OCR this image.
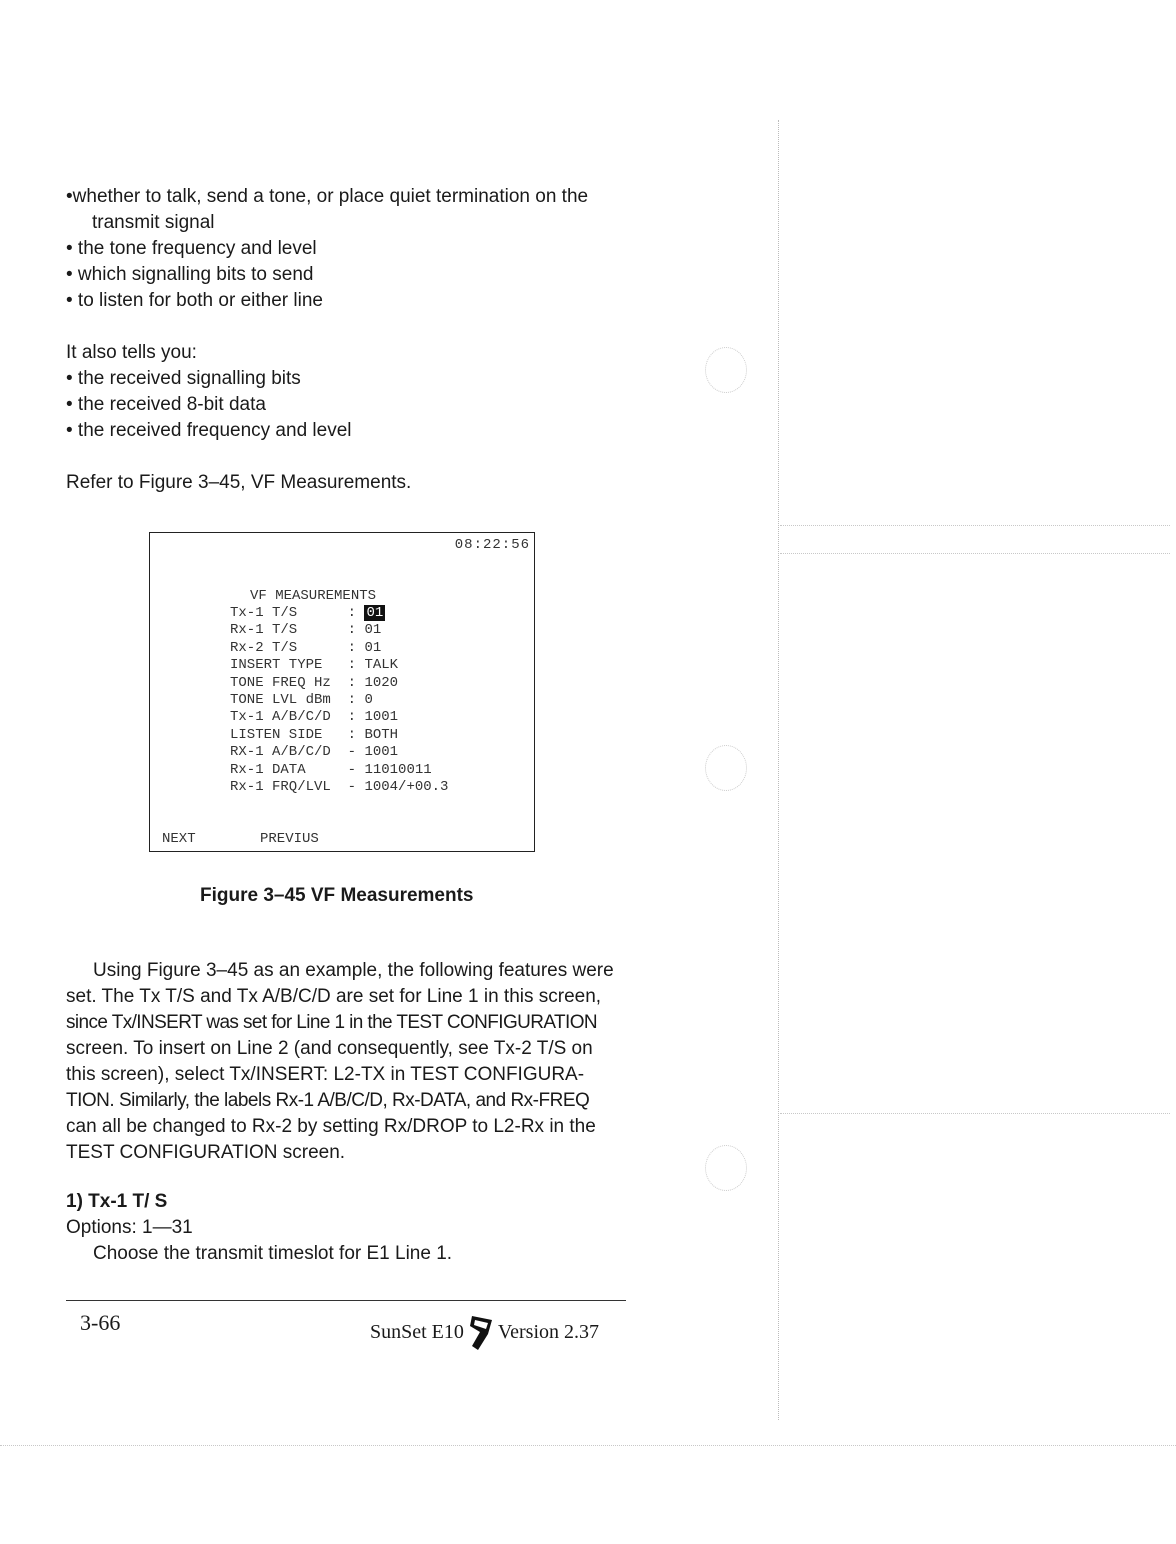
•whether to talk, send a tone, or place quiet termination on the
transmit signal
• the tone frequency and level
• which signalling bits to send
• to listen for both or either line
It also tells you:
• the received signalling bits
• the received 8-bit data
• the received frequency and level
Refer to Figure 3–45, VF Measurements.
08:22:56
VF MEASUREMENTS
Tx-1 T/S      : 01
Rx-1 T/S      : 01
Rx-2 T/S      : 01
INSERT TYPE   : TALK
TONE FREQ Hz  : 1020
TONE LVL dBm  : 0
Tx-1 A/B/C/D  : 1001
LISTEN SIDE   : BOTH
RX-1 A/B/C/D  - 1001
Rx-1 DATA     - 11010011
Rx-1 FRQ/LVL  - 1004/+00.3
NEXT	PREVIUS
Figure 3–45 VF Measurements
Using Figure 3–45 as an example, the following features were
set. The Tx T/S and Tx A/B/C/D are set for Line 1 in this screen,
since Tx/INSERT was set for Line 1 in the TEST CONFIGURATION
screen. To insert on Line 2 (and consequently, see Tx-2 T/S on
this screen), select Tx/INSERT: L2-TX in TEST CONFIGURA-
TION. Similarly, the labels Rx-1 A/B/C/D, Rx-DATA, and Rx-FREQ
can all be changed to Rx-2 by setting Rx/DROP to L2-Rx in the
TEST CONFIGURATION screen.
1) Tx-1 T/ S
Options: 1—31
Choose the transmit timeslot for E1 Line 1.
3-66	SunSet E10 Version 2.37
